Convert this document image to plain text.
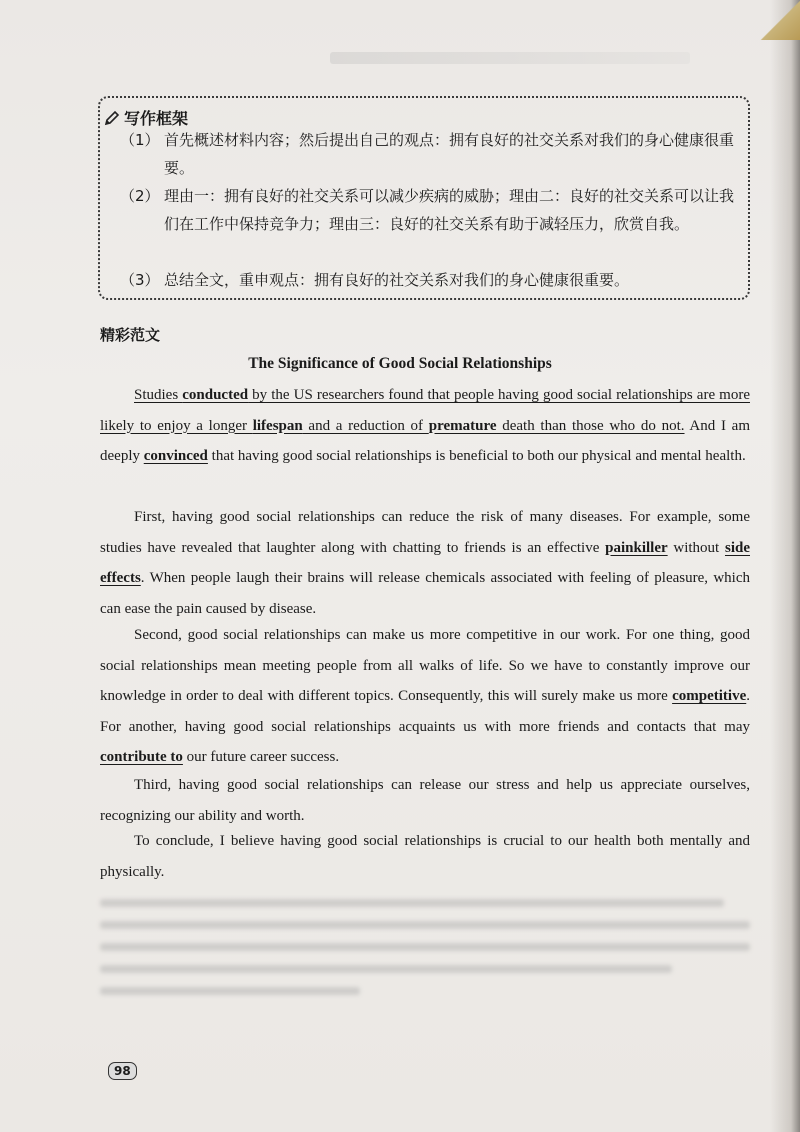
写作框架
（1） 首先概述材料内容；然后提出自己的观点：拥有良好的社交关系对我们的身心健康很重要。
（2） 理由一：拥有良好的社交关系可以减少疾病的威胁；理由二：良好的社交关系可以让我们在工作中保持竞争力；理由三：良好的社交关系有助于减轻压力，欣赏自我。
（3） 总结全文，重申观点：拥有良好的社交关系对我们的身心健康很重要。
精彩范文
The Significance of Good Social Relationships
Studies conducted by the US researchers found that people having good social relationships are more likely to enjoy a longer lifespan and a reduction of premature death than those who do not. And I am deeply convinced that having good social relationships is beneficial to both our physical and mental health.
First, having good social relationships can reduce the risk of many diseases. For example, some studies have revealed that laughter along with chatting to friends is an effective painkiller without side effects. When people laugh their brains will release chemicals associated with feeling of pleasure, which can ease the pain caused by disease.
Second, good social relationships can make us more competitive in our work. For one thing, good social relationships mean meeting people from all walks of life. So we have to constantly improve our knowledge in order to deal with different topics. Consequently, this will surely make us more competitive. For another, having good social relationships acquaints us with more friends and contacts that may contribute to our future career success.
Third, having good social relationships can release our stress and help us appreciate ourselves, recognizing our ability and worth.
To conclude, I believe having good social relationships is crucial to our health both mentally and physically.
98
